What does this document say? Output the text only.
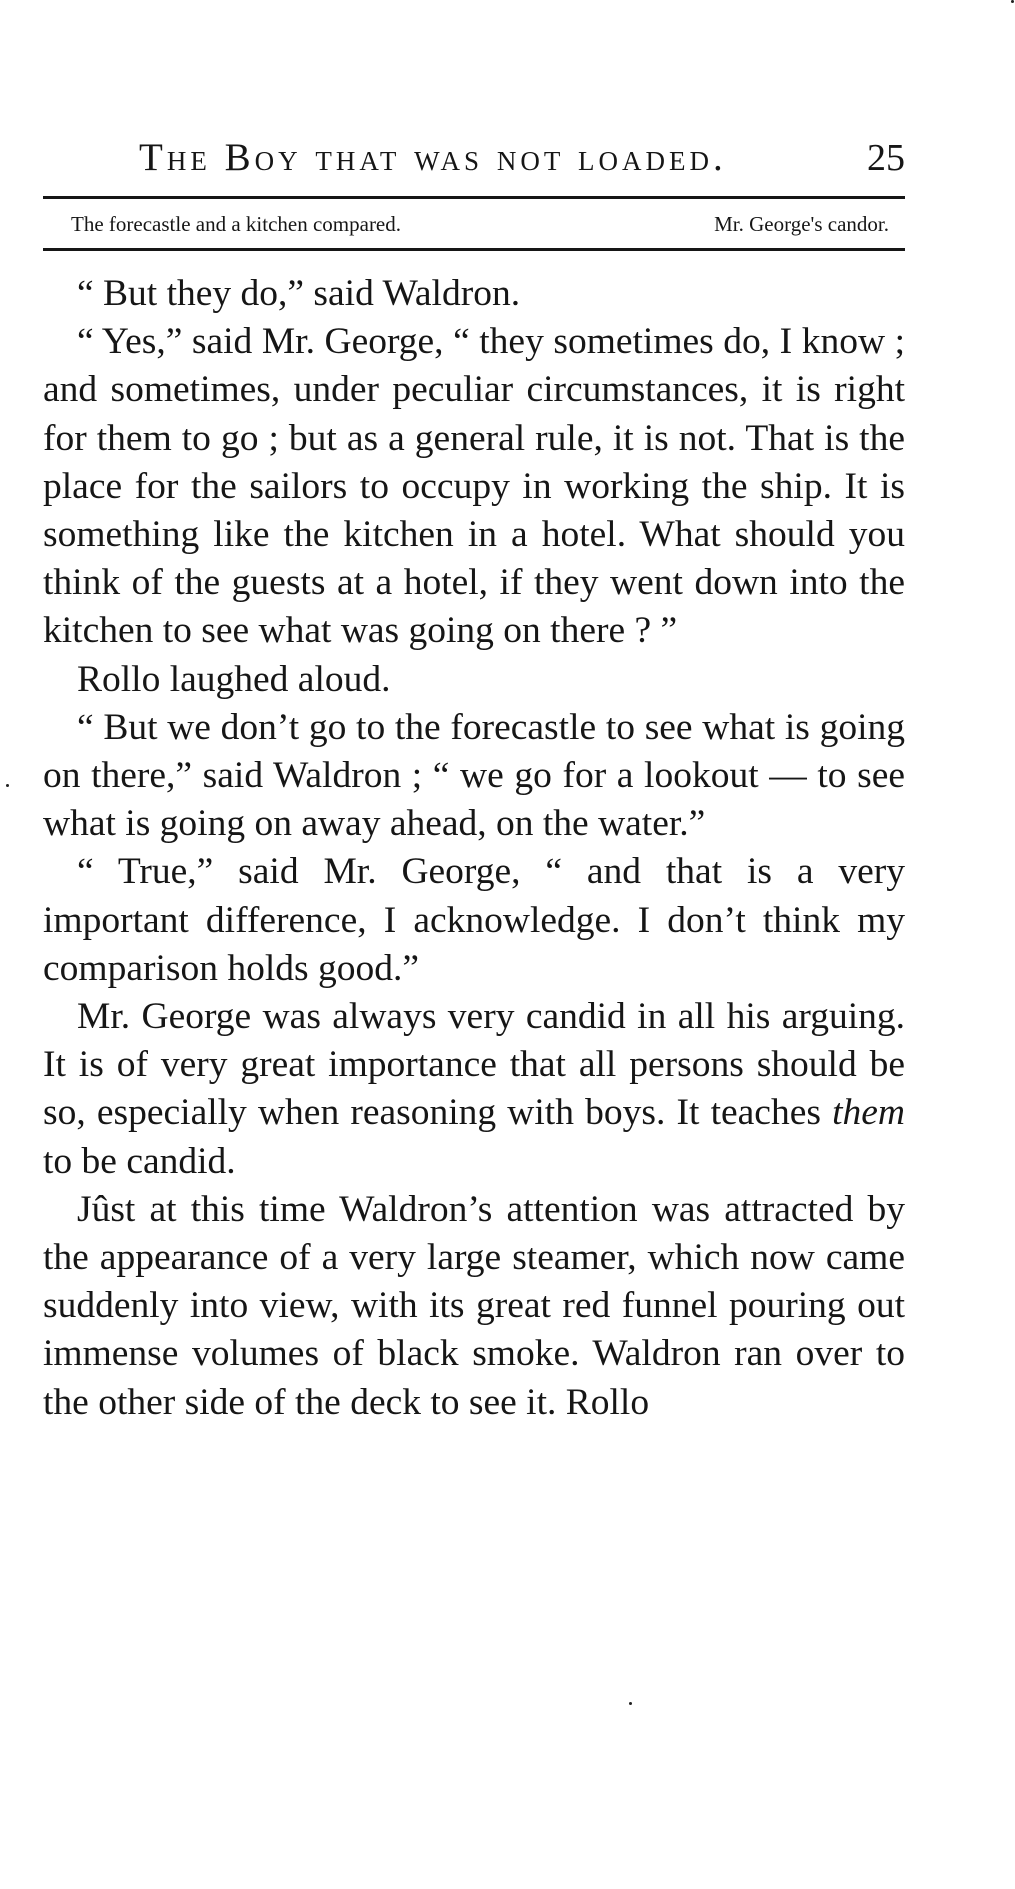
The Boy that was not loaded.	25
The forecastle and a kitchen compared.	Mr. George's candor.

“ But they do,” said Waldron.

“ Yes,” said Mr. George, “ they sometimes do, I know ; and sometimes, under peculiar circumstances, it is right for them to go ; but as a general rule, it is not. That is the place for the sailors to occupy in working the ship. It is something like the kitchen in a hotel. What should you think of the guests at a hotel, if they went down into the kitchen to see what was going on there ? ”

Rollo laughed aloud.

“ But we don’t go to the forecastle to see what is going on there,” said Waldron ; “ we go for a lookout — to see what is going on away ahead, on the water.”

“ True,” said Mr. George, “ and that is a very important difference, I acknowledge. I don’t think my comparison holds good.”

Mr. George was always very candid in all his arguing. It is of very great importance that all persons should be so, especially when reasoning with boys. It teaches them to be candid.

Jûst at this time Waldron’s attention was attracted by the appearance of a very large steamer, which now came suddenly into view, with its great red funnel pouring out immense volumes of black smoke. Waldron ran over to the other side of the deck to see it. Rollo
